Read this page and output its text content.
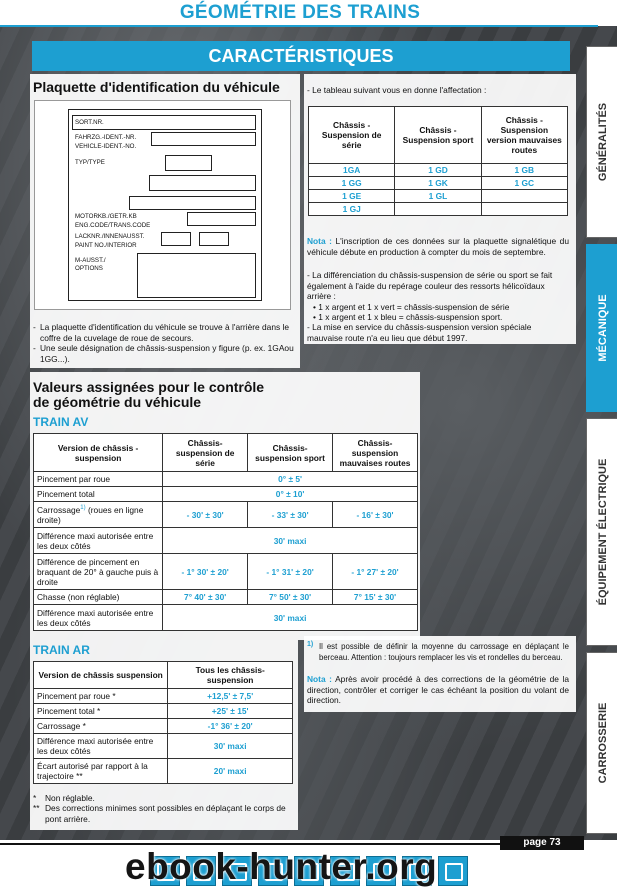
GÉOMÉTRIE DES TRAINS
CARACTÉRISTIQUES
Plaquette d'identification du véhicule
SORT.NR.
FAHRZG.-IDENT.-NR.
VEHICLE-IDENT.-NO.
TYP/TYPE
MOTORKB./GETR.KB
ENG.CODE/TRANS.CODE
LACKNR./INNENAUSST.
PAINT NO./INTERIOR
M-AUSST./
OPTIONS
- La plaquette d'identification du véhicule se trouve à l'arrière dans le coffre de la cuvelage de roue de secours.
- Une seule désignation de châssis-suspension y figure (p. ex. 1GAou 1GG...).
- Le tableau suivant vous en donne l'affectation :
Châssis - Suspension de série	Châssis - Suspension sport	Châssis - Suspension version mauvaises routes
1GA	1 GD	1 GB
1 GG	1 GK	1 GC
1 GE	1 GL	
1 GJ		
Nota : L'inscription de ces données sur la plaquette signalétique du véhicule débute en production à compter du mois de septembre.
- La différenciation du châssis-suspension de série ou sport se fait également à l'aide du repérage couleur des ressorts hélicoïdaux arrière :
• 1 x argent et 1 x vert = châssis-suspension de série
• 1 x argent et 1 x bleu = châssis-suspension sport.
- La mise en service du châssis-suspension version spéciale mauvaise route n'a eu lieu que début 1997.
Valeurs assignées pour le contrôle
de géométrie du véhicule
TRAIN AV
Version de châssis - suspension	Châssis- suspension de série	Châssis- suspension sport	Châssis- suspension mauvaises routes
Pincement par roue	0° ± 5'		
Pincement total	0° ± 10'		
Carrossage$^{1)}$ (roues en ligne droite)	- 30' ± 30'	- 33' ± 30'	- 16' ± 30'
Différence maxi autorisée entre les deux côtés	30' maxi		
Différence de pincement en braquant de 20° à gauche puis à droite	- 1° 30' ± 20'	- 1° 31' ± 20'	- 1° 27' ± 20'
Chasse (non réglable)	7° 40' ± 30'	7° 50' ± 30'	7° 15' ± 30'
Différence maxi autorisée entre les deux côtés	30' maxi		
TRAIN AR
Version de châssis suspension	Tous les châssis- suspension
Pincement par roue *	+12,5' ± 7,5'
Pincement total *	+25' ± 15'
Carrossage *	-1° 36' ± 20'
Différence maxi autorisée entre les deux côtés	30' maxi
Écart autorisé par rapport à la trajectoire **	20' maxi
*	Non réglable.
** Des corrections minimes sont possibles en déplaçant le corps de pont arrière.
1) Il est possible de définir la moyenne du carrossage en déplaçant le berceau. Attention : toujours remplacer les vis et rondelles du berceau.
Nota : Après avoir procédé à des corrections de la géométrie de la direction, contrôler et corriger le cas échéant la position du volant de direction.
GÉNÉRALITÉS
MÉCANIQUE
ÉQUIPEMENT ÉLECTRIQUE
CARROSSERIE
page 73
ebook-hunter.org
